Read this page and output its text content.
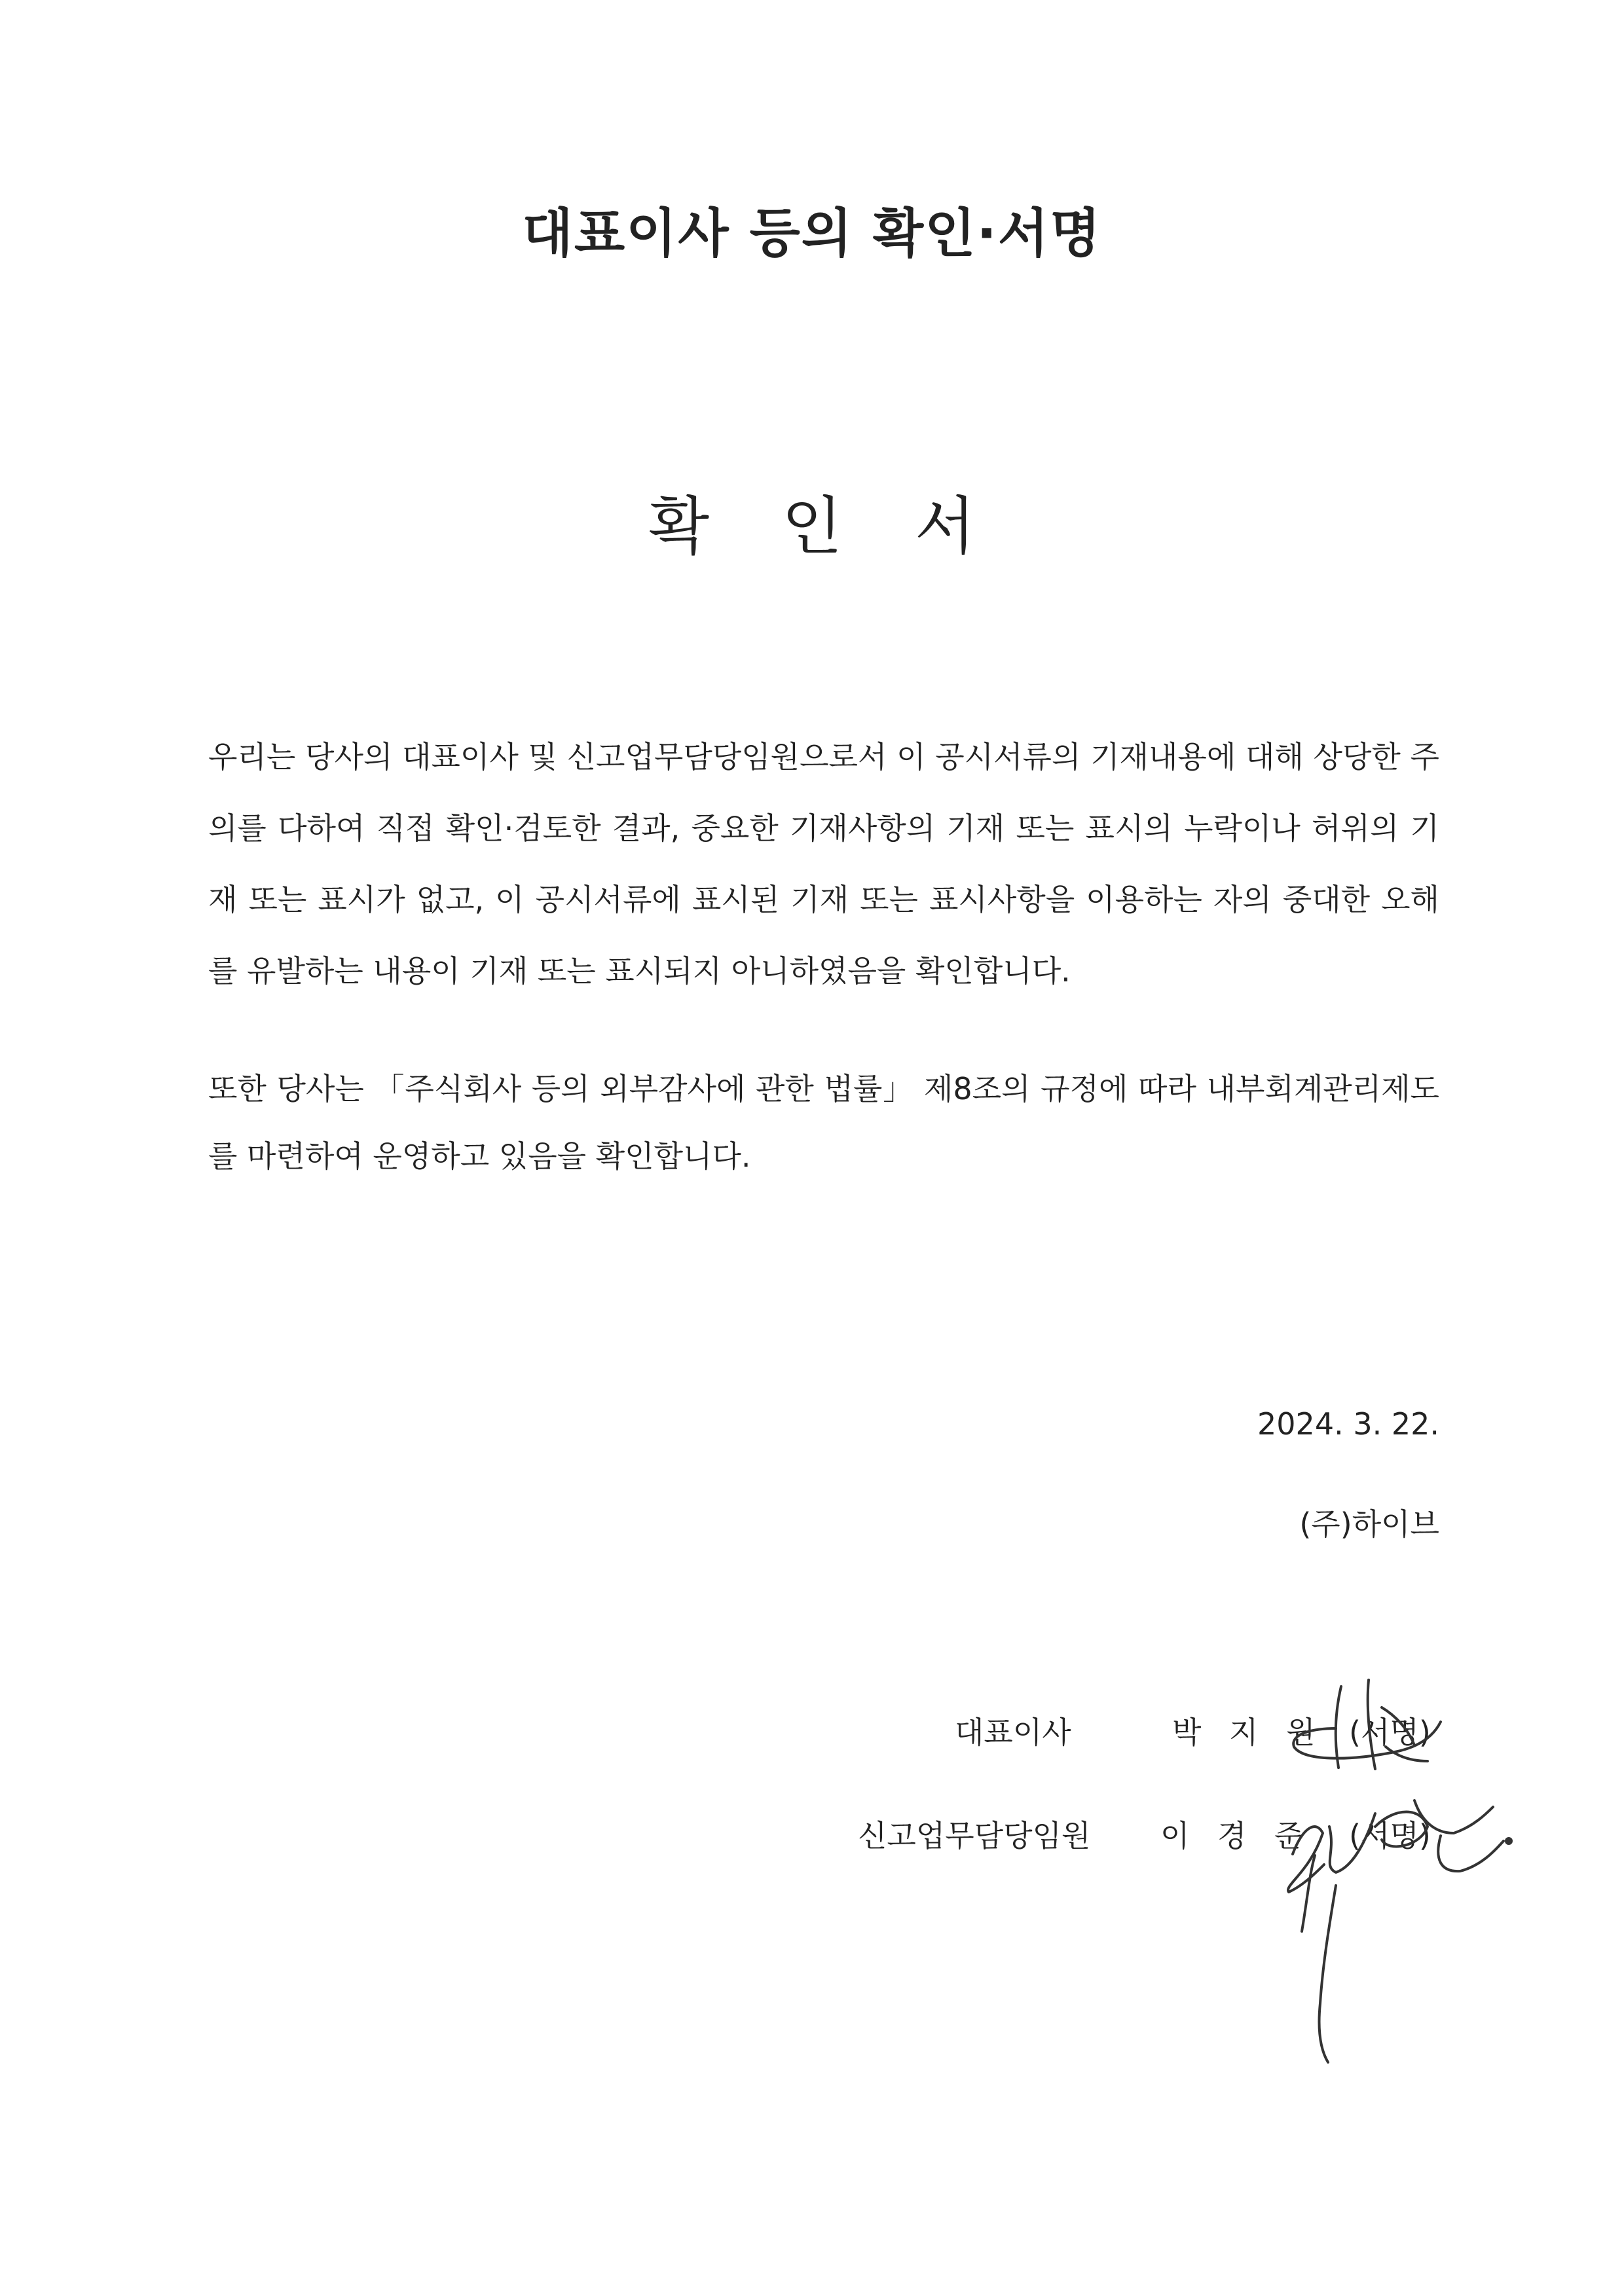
대표이사 등의 확인·서명
확 인 서

우리는 당사의 대표이사 및 신고업무담당임원으로서 이 공시서류의 기재내용에 대해 상당한 주의를 다하여 직접 확인·검토한 결과, 중요한 기재사항의 기재 또는 표시의 누락이나 허위의 기재 또는 표시가 없고, 이 공시서류에 표시된 기재 또는 표시사항을 이용하는 자의 중대한 오해를 유발하는 내용이 기재 또는 표시되지 아니하였음을 확인합니다.

또한 당사는 「주식회사 등의 외부감사에 관한 법률」 제8조의 규정에 따라 내부회계관리제도를 마련하여 운영하고 있음을 확인합니다.

2024. 3. 22.

(주)하이브

대표이사	박 지 원 (서명)
신고업무담당임원 이 경 준 (서명)
